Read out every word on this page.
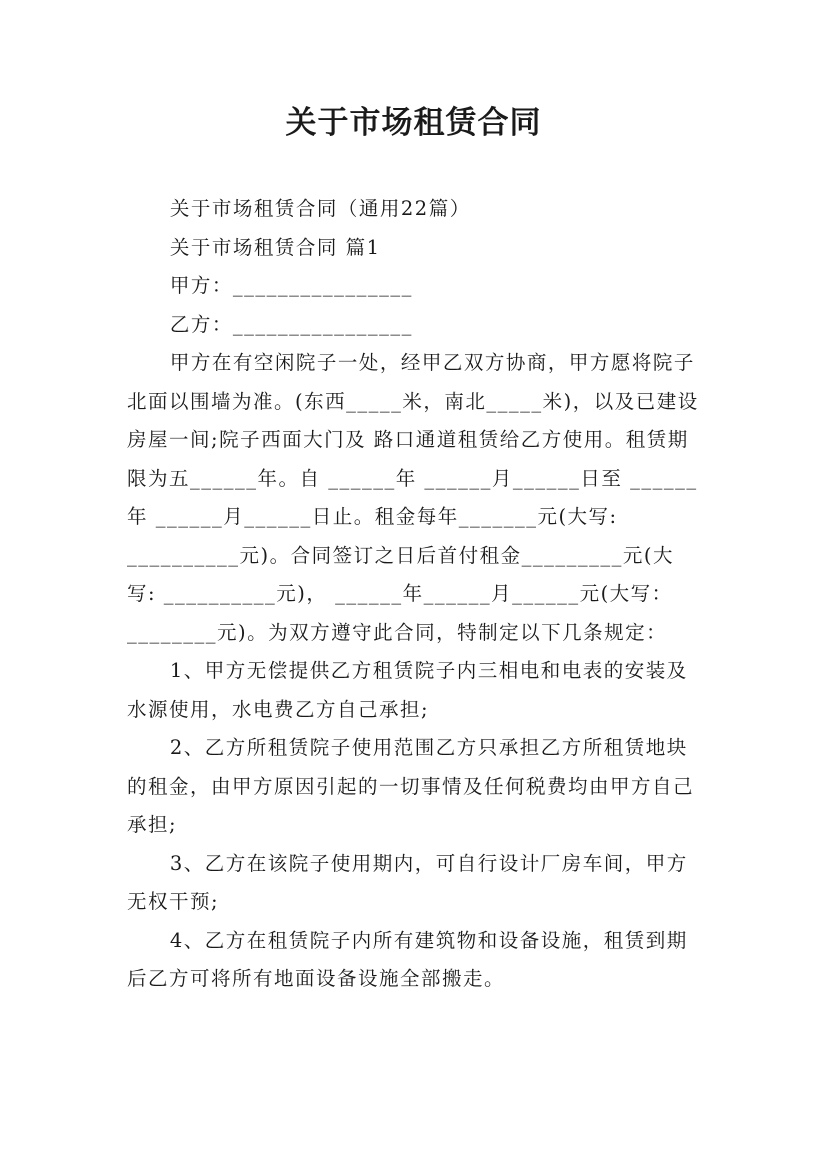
关于市场租赁合同

关于市场租赁合同（通用22篇）

关于市场租赁合同 篇1

甲方：________________

乙方：________________

甲方在有空闲院子一处，经甲乙双方协商，甲方愿将院子北面以围墙为准。(东西_____米，南北_____米)，以及已建设房屋一间;院子西面大门及 路口通道租赁给乙方使用。租赁期限为五______年。自 ______年 ______月______日至 ______年 ______月______日止。租金每年_______元(大写: __________元)。合同签订之日后首付租金_________元(大写: __________元)， ______年______月______元(大写：________元)。为双方遵守此合同，特制定以下几条规定：

1、甲方无偿提供乙方租赁院子内三相电和电表的安装及水源使用，水电费乙方自己承担;

2、乙方所租赁院子使用范围乙方只承担乙方所租赁地块的租金，由甲方原因引起的一切事情及任何税费均由甲方自己承担;

3、乙方在该院子使用期内，可自行设计厂房车间，甲方无权干预;

4、乙方在租赁院子内所有建筑物和设备设施，租赁到期后乙方可将所有地面设备设施全部搬走。
